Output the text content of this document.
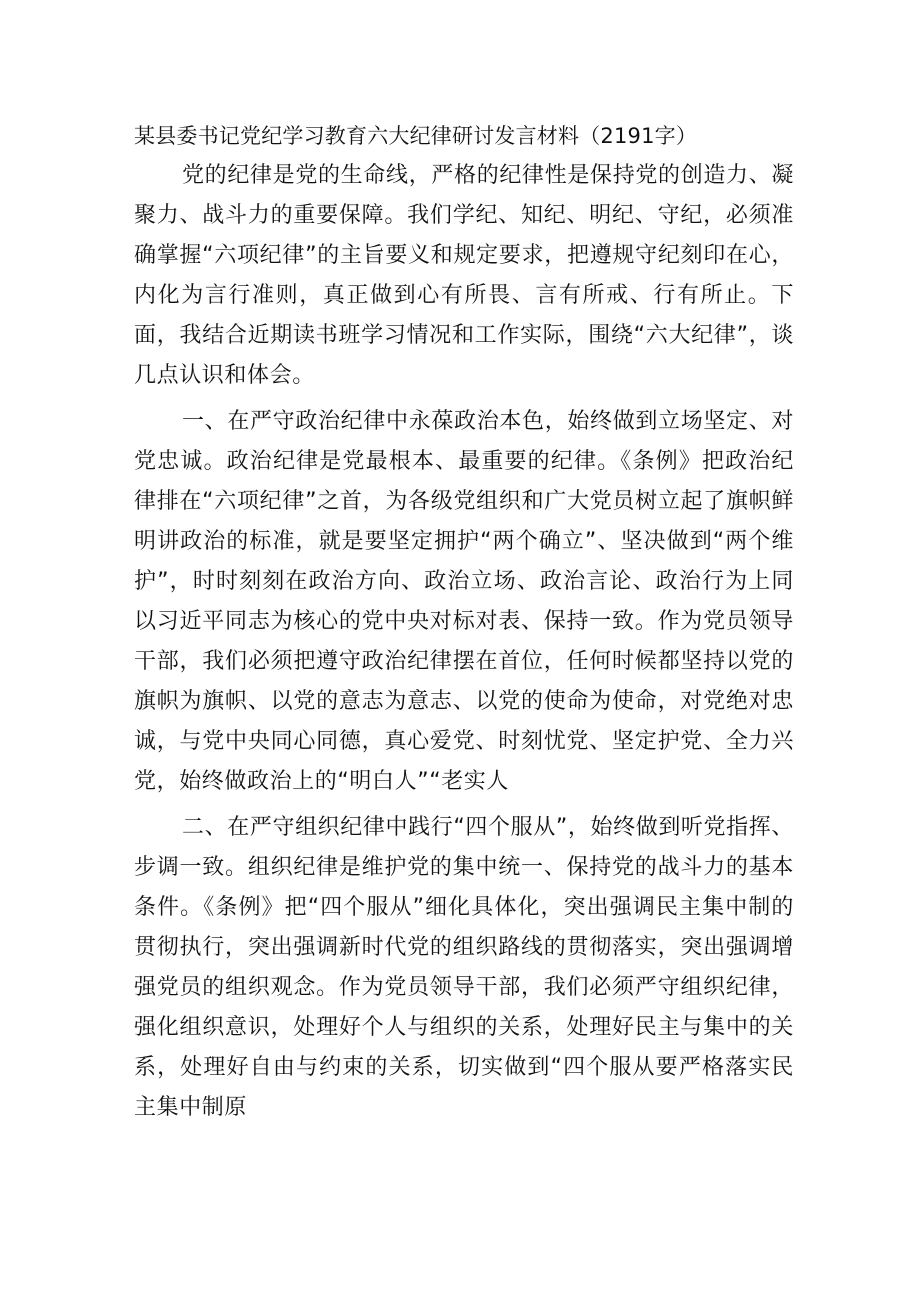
某县委书记党纪学习教育六大纪律研讨发言材料（2191字）

党的纪律是党的生命线，严格的纪律性是保持党的创造力、凝聚力、战斗力的重要保障。我们学纪、知纪、明纪、守纪，必须准确掌握“六项纪律”的主旨要义和规定要求，把遵规守纪刻印在心，内化为言行准则，真正做到心有所畏、言有所戒、行有所止。下面，我结合近期读书班学习情况和工作实际，围绕“六大纪律”，谈几点认识和体会。

一、在严守政治纪律中永葆政治本色，始终做到立场坚定、对党忠诚。政治纪律是党最根本、最重要的纪律。《条例》把政治纪律排在“六项纪律”之首，为各级党组织和广大党员树立起了旗帜鲜明讲政治的标准，就是要坚定拥护“两个确立”、坚决做到“两个维护”，时时刻刻在政治方向、政治立场、政治言论、政治行为上同以习近平同志为核心的党中央对标对表、保持一致。作为党员领导干部，我们必须把遵守政治纪律摆在首位，任何时候都坚持以党的旗帜为旗帜、以党的意志为意志、以党的使命为使命，对党绝对忠诚，与党中央同心同德，真心爱党、时刻忧党、坚定护党、全力兴党，始终做政治上的“明白人”“老实人

二、在严守组织纪律中践行“四个服从”，始终做到听党指挥、步调一致。组织纪律是维护党的集中统一、保持党的战斗力的基本条件。《条例》把“四个服从”细化具体化，突出强调民主集中制的贯彻执行，突出强调新时代党的组织路线的贯彻落实，突出强调增强党员的组织观念。作为党员领导干部，我们必须严守组织纪律，强化组织意识，处理好个人与组织的关系，处理好民主与集中的关系，处理好自由与约束的关系，切实做到“四个服从要严格落实民主集中制原
